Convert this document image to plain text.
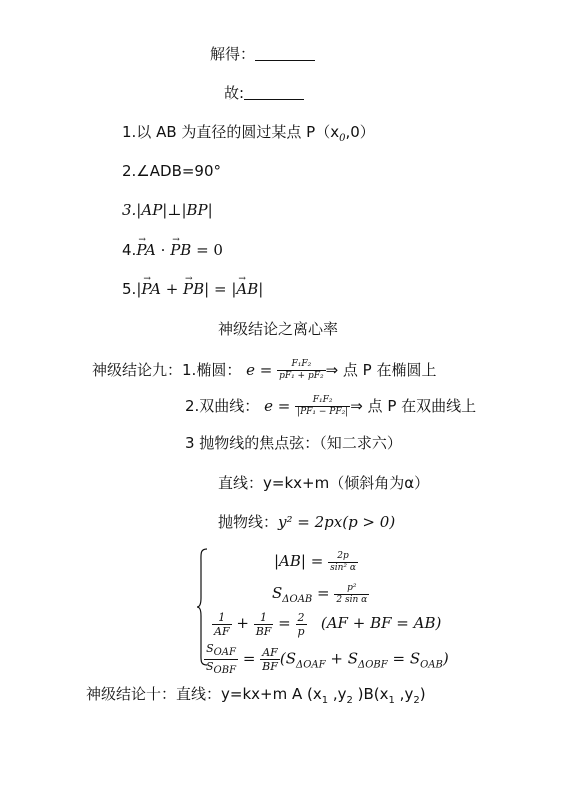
解得：
故:
1.以 AB 为直径的圆过某点 $P(x_0,0)$
2.∠ADB=90°
3.|AP|⊥|BP|
4.→ PA · → PB = 0
5.|→ PA + → PB| = |→ AB|
神级结论之离心率
神级结论九：1.椭圆： $e = \frac{\text{F₁F₂}}{\text{pF₁ + pF₂}}$ ⇒ 点 P 在椭圆上
2.双曲线： $e = \frac{\text{F₁F₂}}{\text{|PF₁ − PF₂|}}$ ⇒ 点 P 在双曲线上
3 抛物线的焦点弦：（知二求六）
直线：y=kx+m（倾斜角为α）
抛物线：y² = 2px(p > 0)
$|AB| = \frac{2p}{\text{sin² α}}$
$S_{\Delta OAB} = \frac{\text{p²}}{\text{2 sin α}}$
$\frac{1}{AF} + \frac{1}{BF} = \frac{2}{p} (AF$ + BF = AB)
$\frac{S_{OAF}}{S_{OBF}} = \frac{AF}{BF} (S_{\Delta OAF} + S_{\Delta OBF} = S_{OAB})$
神级结论十：直线：y=kx+m A ($x_1$ $,y_2$ )$B(x_1$ $,y_2$)
